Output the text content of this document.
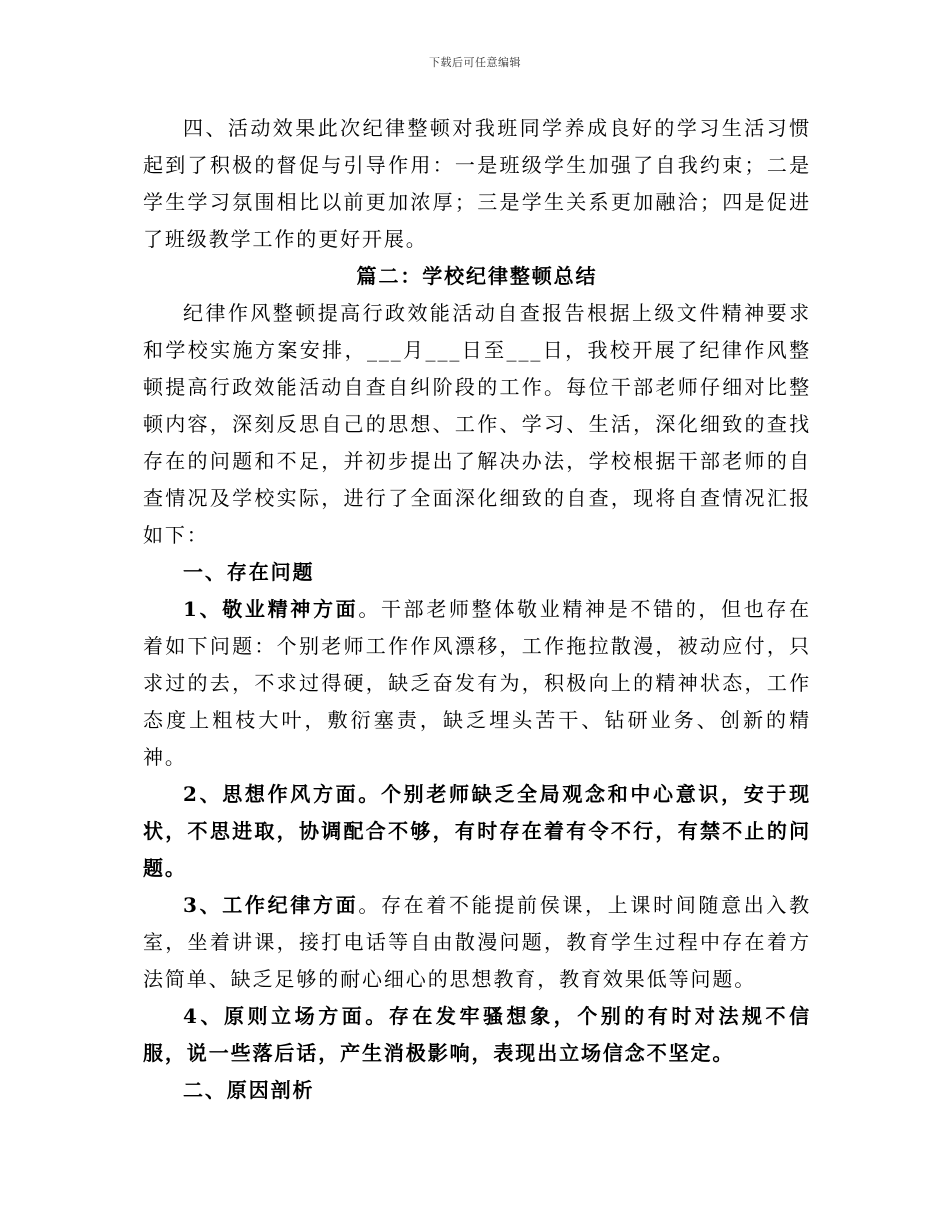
下载后可任意编辑

四、活动效果此次纪律整顿对我班同学养成良好的学习生活习惯起到了积极的督促与引导作用：一是班级学生加强了自我约束；二是学生学习氛围相比以前更加浓厚；三是学生关系更加融洽；四是促进了班级教学工作的更好开展。

篇二：学校纪律整顿总结

纪律作风整顿提高行政效能活动自查报告根据上级文件精神要求和学校实施方案安排，___月___日至___日，我校开展了纪律作风整顿提高行政效能活动自查自纠阶段的工作。每位干部老师仔细对比整顿内容，深刻反思自己的思想、工作、学习、生活，深化细致的查找存在的问题和不足，并初步提出了解决办法，学校根据干部老师的自查情况及学校实际，进行了全面深化细致的自查，现将自查情况汇报如下：

一、存在问题

1、敬业精神方面。干部老师整体敬业精神是不错的，但也存在着如下问题：个别老师工作作风漂移，工作拖拉散漫，被动应付，只求过的去，不求过得硬，缺乏奋发有为，积极向上的精神状态，工作态度上粗枝大叶，敷衍塞责，缺乏埋头苦干、钻研业务、创新的精神。

2、思想作风方面。个别老师缺乏全局观念和中心意识，安于现状，不思进取，协调配合不够，有时存在着有令不行，有禁不止的问题。

3、工作纪律方面。存在着不能提前侯课，上课时间随意出入教室，坐着讲课，接打电话等自由散漫问题，教育学生过程中存在着方法简单、缺乏足够的耐心细心的思想教育，教育效果低等问题。

4、原则立场方面。存在发牢骚想象，个别的有时对法规不信服，说一些落后话，产生消极影响，表现出立场信念不坚定。

二、原因剖析
